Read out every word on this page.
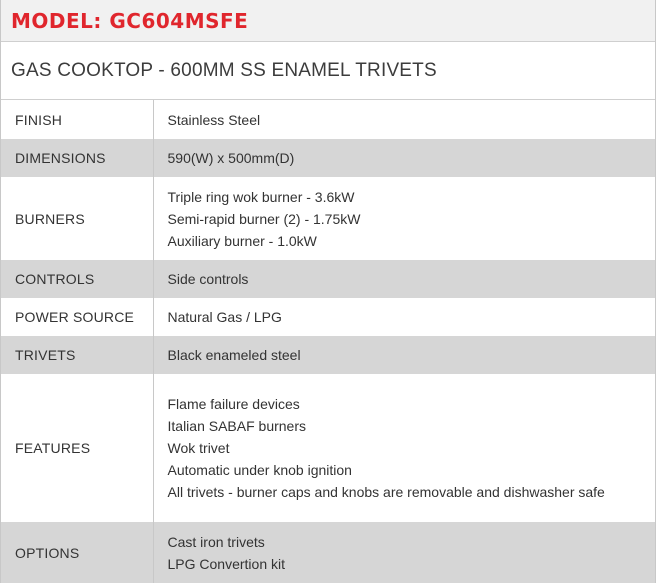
MODEL: GC604MSFE
GAS COOKTOP - 600MM SS ENAMEL TRIVETS
FINISH	Stainless Steel

DIMENSIONS	590(W) x 500mm(D)

BURNERS	Triple ring wok burner - 3.6kW
Semi-rapid burner (2) - 1.75kW
Auxiliary burner - 1.0kW

CONTROLS	Side controls

POWER SOURCE	Natural Gas / LPG

TRIVETS	Black enameled steel

FEATURES	Flame failure devices
Italian SABAF burners
Wok trivet
Automatic under knob ignition
All trivets - burner caps and knobs are removable and dishwasher safe

OPTIONS	Cast iron trivets
LPG Convertion kit
